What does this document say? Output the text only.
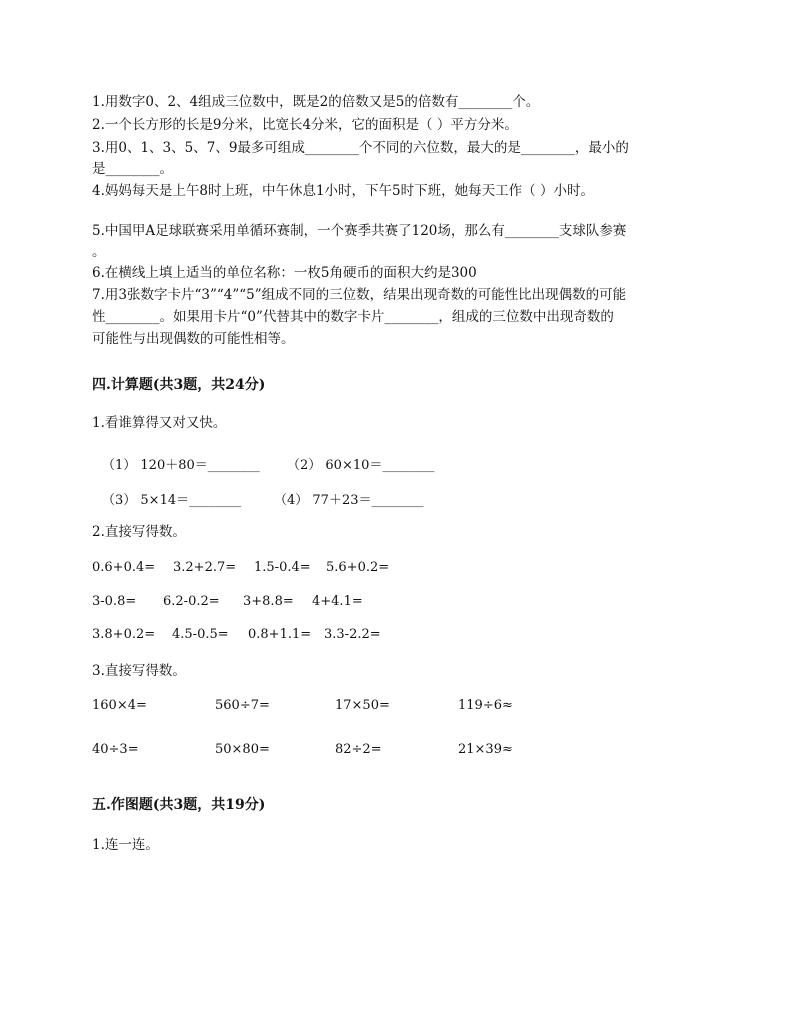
1.用数字0、2、4组成三位数中，既是2的倍数又是5的倍数有________个。
2.一个长方形的长是9分米，比宽长4分米，它的面积是（ ）平方分米。
3.用0、1、3、5、7、9最多可组成________个不同的六位数，最大的是________，最小的
是________。
4.妈妈每天是上午8时上班，中午休息1小时，下午5时下班，她每天工作（ ）小时。
5.中国甲A足球联赛采用单循环赛制，一个赛季共赛了120场，那么有________支球队参赛
。
6.在横线上填上适当的单位名称：一枚5角硬币的面积大约是300
7.用3张数字卡片“3”“4”“5”组成不同的三位数，结果出现奇数的可能性比出现偶数的可能
性________。如果用卡片“0”代替其中的数字卡片________，组成的三位数中出现奇数的
可能性与出现偶数的可能性相等。
四.计算题(共3题，共24分)
1.看谁算得又对又快。
（1） 120＋80＝________ （2） 60×10＝________
（3） 5×14＝________	（4） 77＋23＝________
2.直接写得数。
0.6+0.4= 3.2+2.7= 1.5-0.4= 5.6+0.2=
3-0.8= 6.2-0.2= 3+8.8= 4+4.1=
3.8+0.2= 4.5-0.5= 0.8+1.1= 3.3-2.2=
3.直接写得数。
160×4=	560÷7=	17×50=	119÷6≈
40÷3=	50×80=	82÷2=	21×39≈
五.作图题(共3题，共19分)
1.连一连。
